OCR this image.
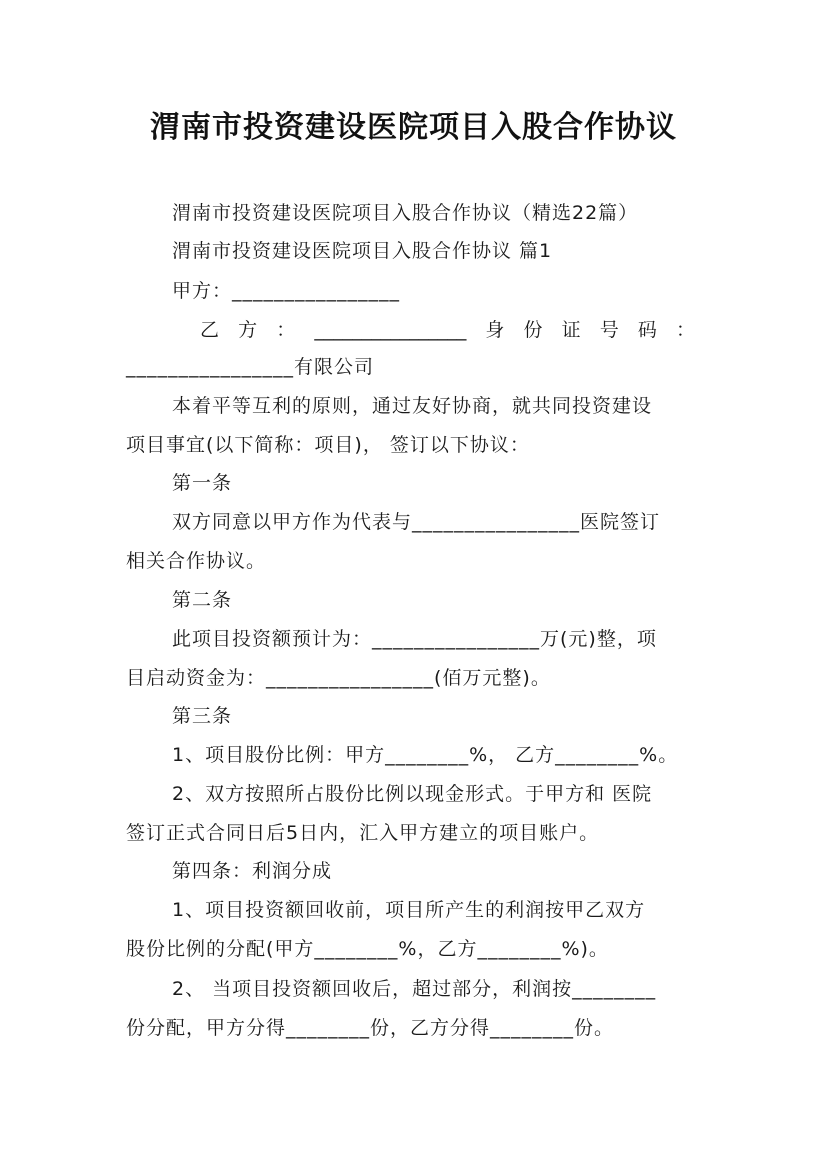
渭南市投资建设医院项目入股合作协议
渭南市投资建设医院项目入股合作协议（精选22篇）
渭南市投资建设医院项目入股合作协议 篇1
甲方：________________
乙 方 ： ________________ 身 份 证 号 码 ：
________________有限公司
本着平等互利的原则，通过友好协商，就共同投资建设
项目事宜(以下简称：项目)， 签订以下协议：
第一条
双方同意以甲方作为代表与________________医院签订
相关合作协议。
第二条
此项目投资额预计为：________________万(元)整，项
目启动资金为：________________(佰万元整)。
第三条
1、项目股份比例：甲方________%， 乙方________%。
2、双方按照所占股份比例以现金形式。于甲方和 医院
签订正式合同日后5日内，汇入甲方建立的项目账户。
第四条：利润分成
1、项目投资额回收前，项目所产生的利润按甲乙双方
股份比例的分配(甲方________%，乙方________%)。
2、 当项目投资额回收后，超过部分，利润按________
份分配，甲方分得________份，乙方分得________份。
